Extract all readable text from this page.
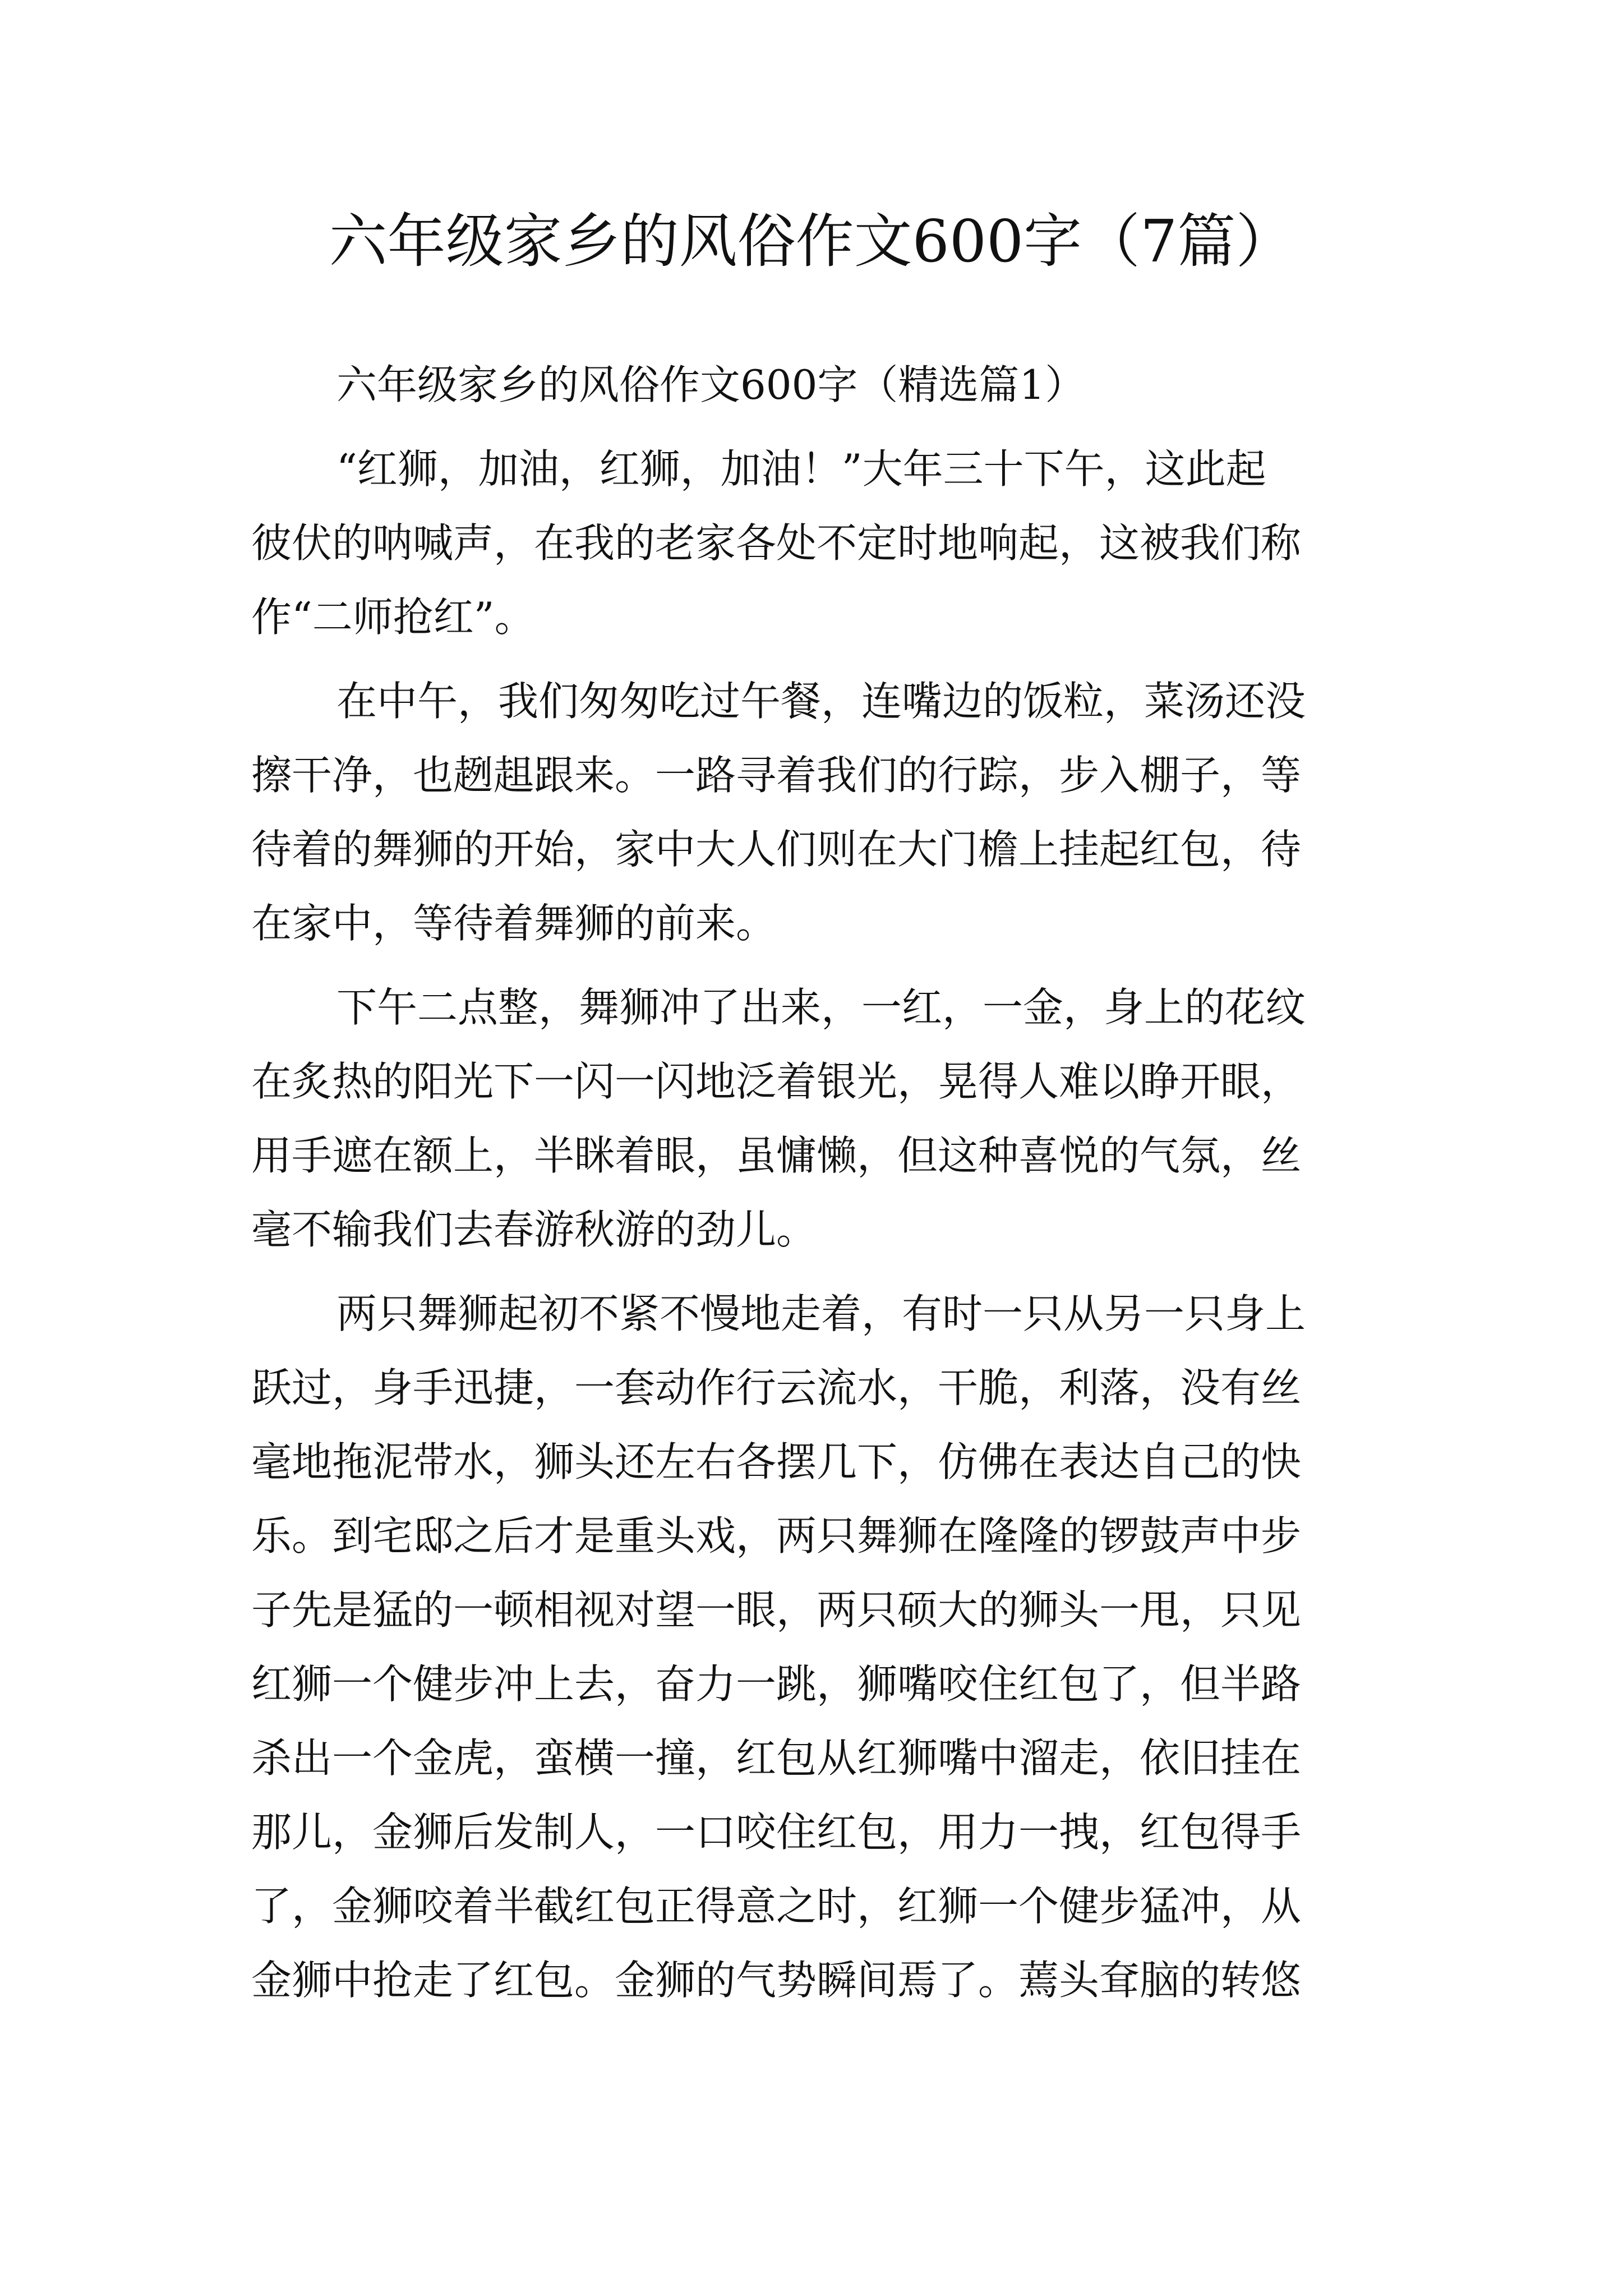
六年级家乡的风俗作文600字（7篇）
六年级家乡的风俗作文600字（精选篇1）
“红狮，加油，红狮，加油！”大年三十下午，这此起
彼伏的呐喊声，在我的老家各处不定时地响起，这被我们称
作“二师抢红”。
在中午，我们匆匆吃过午餐，连嘴边的饭粒，菜汤还没
擦干净，也趔趄跟来。一路寻着我们的行踪，步入棚子，等
待着的舞狮的开始，家中大人们则在大门檐上挂起红包，待
在家中，等待着舞狮的前来。
下午二点整，舞狮冲了出来，一红，一金，身上的花纹
在炙热的阳光下一闪一闪地泛着银光，晃得人难以睁开眼，
用手遮在额上，半眯着眼，虽慵懒，但这种喜悦的气氛，丝
毫不输我们去春游秋游的劲儿。
两只舞狮起初不紧不慢地走着，有时一只从另一只身上
跃过，身手迅捷，一套动作行云流水，干脆，利落，没有丝
毫地拖泥带水，狮头还左右各摆几下，仿佛在表达自己的快
乐。到宅邸之后才是重头戏，两只舞狮在隆隆的锣鼓声中步
子先是猛的一顿相视对望一眼，两只硕大的狮头一甩，只见
红狮一个健步冲上去，奋力一跳，狮嘴咬住红包了，但半路
杀出一个金虎，蛮横一撞，红包从红狮嘴中溜走，依旧挂在
那儿，金狮后发制人，一口咬住红包，用力一拽，红包得手
了，金狮咬着半截红包正得意之时，红狮一个健步猛冲，从
金狮中抢走了红包。金狮的气势瞬间焉了。蔫头耷脑的转悠
